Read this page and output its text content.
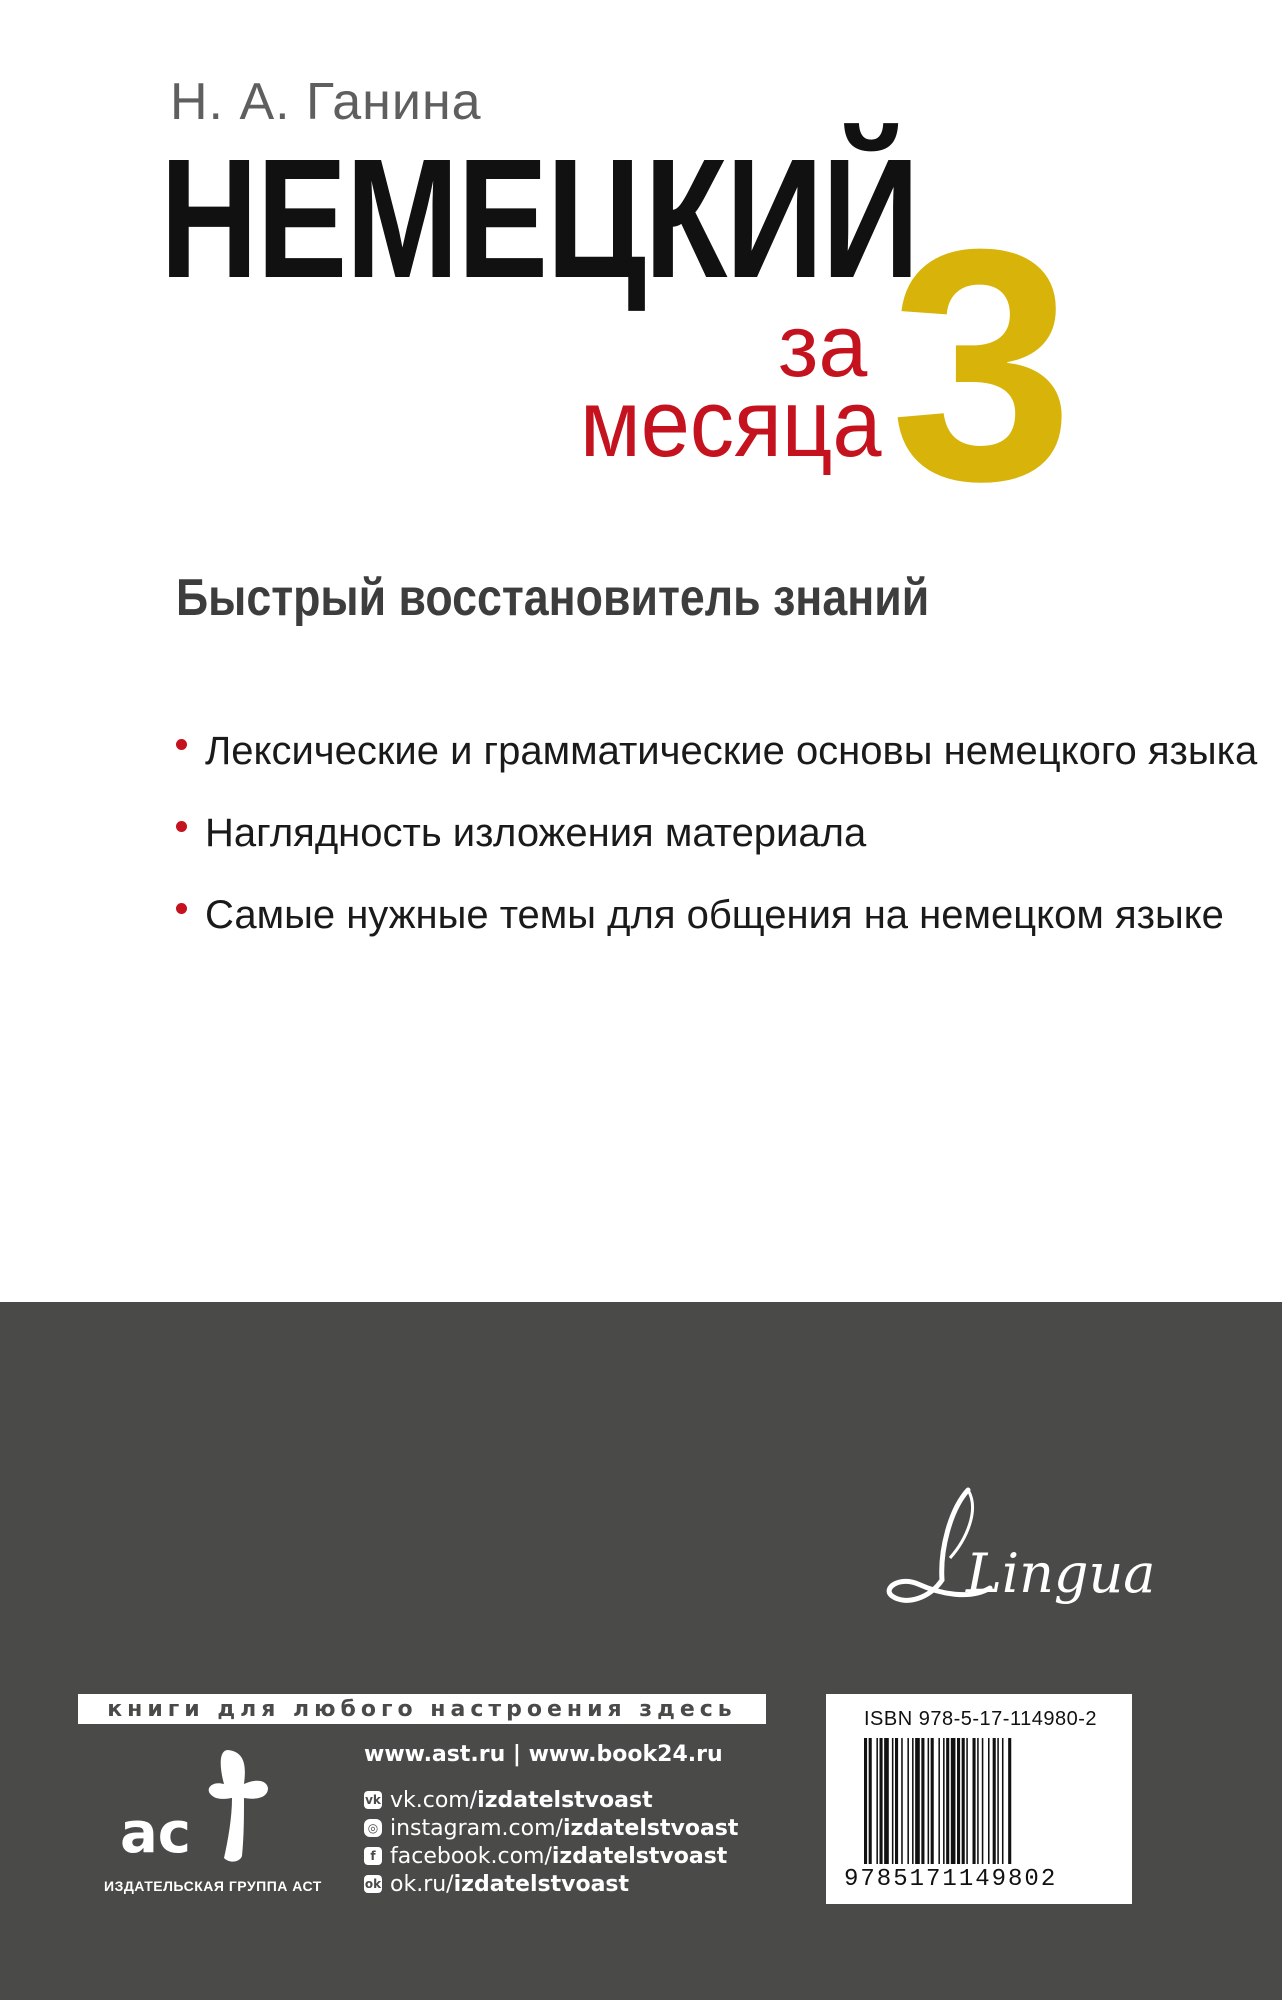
Н. А. Ганина
НЕМЕЦКИЙ
за
месяца 3
Быстрый восстановитель знаний
Лексические и грамматические основы немецкого языка
Наглядность изложения материала
Самые нужные темы для общения на немецком языке
Lingua
книги для любого настроения здесь
ac
ИЗДАТЕЛЬСКАЯ ГРУППА АСТ
www.ast.ru | www.book24.ru
vk vk.com/ izdatelstvoast
◎ instagram.com/ izdatelstvoast
f facebook.com/ izdatelstvoast
ok ok.ru/ izdatelstvoast
ISBN 978-5-17-114980-2
9785171149802
